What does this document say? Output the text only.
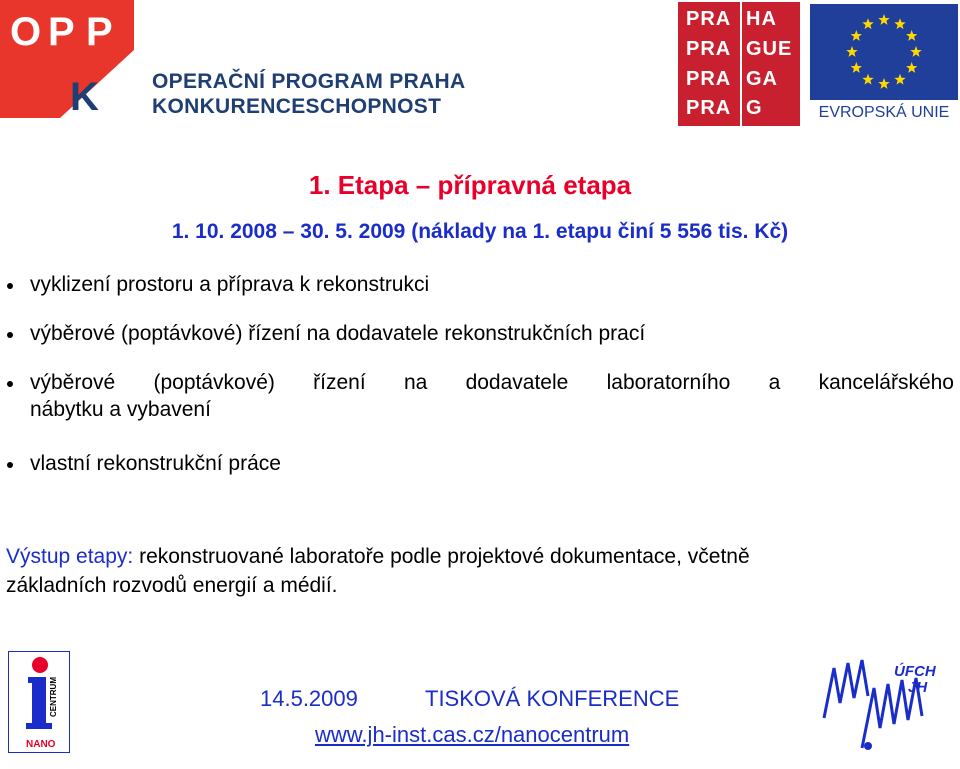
O P P
K	OPERAČNÍ PROGRAM PRAHA
KONKURENCESCHOPNOST
PRA HA
PRA GUE
PRA GA
PRA G	EVROPSKÁ UNIE
1. Etapa – přípravná etapa
1. 10. 2008 – 30. 5. 2009 (náklady na 1. etapu činí 5 556 tis. Kč)
vyklizení prostoru a příprava k rekonstrukci
výběrové (poptávkové) řízení na dodavatele rekonstrukčních prací
výběrové (poptávkové) řízení na dodavatele laboratorního a kancelářského
nábytku a vybavení
vlastní rekonstrukční práce
Výstup etapy: rekonstruované laboratoře podle projektové dokumentace, včetně
základních rozvodů energií a médií.
CENTRUM
NANO
14.5.2009	TISKOVÁ KONFERENCE
www.jh-inst.cas.cz/nanocentrum
ÚFCH
JH
